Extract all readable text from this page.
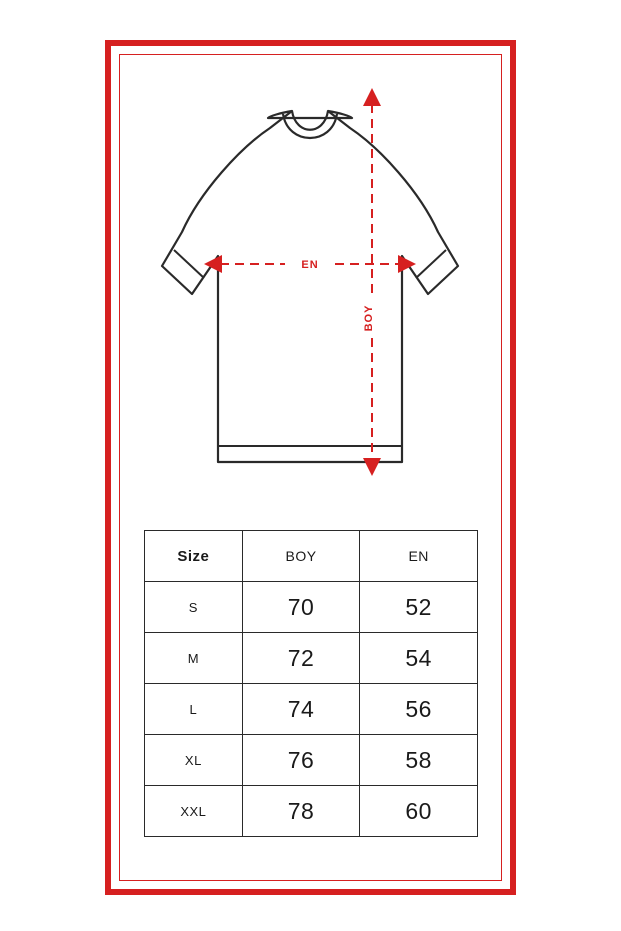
EN
BOY
Size	BOY	EN
S	70	52
M	72	54
L	74	56
XL	76	58
XXL	78	60
